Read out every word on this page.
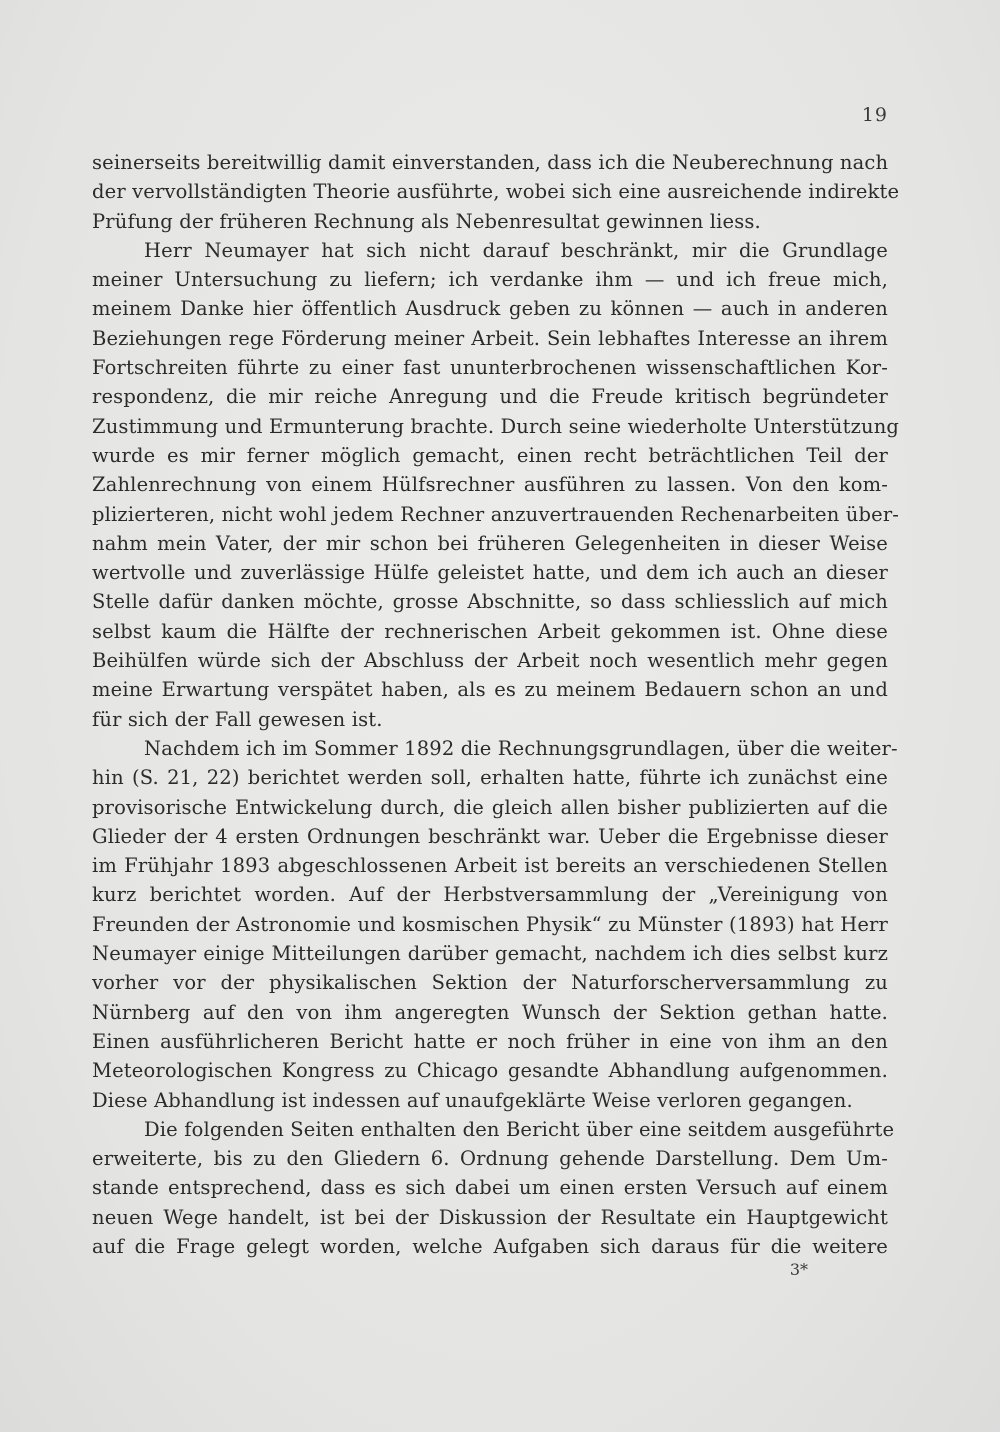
19
seinerseits bereitwillig damit einverstanden, dass ich die Neuberechnung nach
der vervollständigten Theorie ausführte, wobei sich eine ausreichende indirekte
Prüfung der früheren Rechnung als Nebenresultat gewinnen liess.
Herr Neumayer hat sich nicht darauf beschränkt, mir die Grundlage
meiner Untersuchung zu liefern; ich verdanke ihm — und ich freue mich,
meinem Danke hier öffentlich Ausdruck geben zu können — auch in anderen
Beziehungen rege Förderung meiner Arbeit. Sein lebhaftes Interesse an ihrem
Fortschreiten führte zu einer fast ununterbrochenen wissenschaftlichen Kor-
respondenz, die mir reiche Anregung und die Freude kritisch begründeter
Zustimmung und Ermunterung brachte. Durch seine wiederholte Unterstützung
wurde es mir ferner möglich gemacht, einen recht beträchtlichen Teil der
Zahlenrechnung von einem Hülfsrechner ausführen zu lassen. Von den kom-
plizierteren, nicht wohl jedem Rechner anzuvertrauenden Rechenarbeiten über-
nahm mein Vater, der mir schon bei früheren Gelegenheiten in dieser Weise
wertvolle und zuverlässige Hülfe geleistet hatte, und dem ich auch an dieser
Stelle dafür danken möchte, grosse Abschnitte, so dass schliesslich auf mich
selbst kaum die Hälfte der rechnerischen Arbeit gekommen ist. Ohne diese
Beihülfen würde sich der Abschluss der Arbeit noch wesentlich mehr gegen
meine Erwartung verspätet haben, als es zu meinem Bedauern schon an und
für sich der Fall gewesen ist.
Nachdem ich im Sommer 1892 die Rechnungsgrundlagen, über die weiter-
hin (S. 21, 22) berichtet werden soll, erhalten hatte, führte ich zunächst eine
provisorische Entwickelung durch, die gleich allen bisher publizierten auf die
Glieder der 4 ersten Ordnungen beschränkt war. Ueber die Ergebnisse dieser
im Frühjahr 1893 abgeschlossenen Arbeit ist bereits an verschiedenen Stellen
kurz berichtet worden. Auf der Herbstversammlung der „Vereinigung von
Freunden der Astronomie und kosmischen Physik“ zu Münster (1893) hat Herr
Neumayer einige Mitteilungen darüber gemacht, nachdem ich dies selbst kurz
vorher vor der physikalischen Sektion der Naturforscherversammlung zu
Nürnberg auf den von ihm angeregten Wunsch der Sektion gethan hatte.
Einen ausführlicheren Bericht hatte er noch früher in eine von ihm an den
Meteorologischen Kongress zu Chicago gesandte Abhandlung aufgenommen.
Diese Abhandlung ist indessen auf unaufgeklärte Weise verloren gegangen.
Die folgenden Seiten enthalten den Bericht über eine seitdem ausgeführte
erweiterte, bis zu den Gliedern 6. Ordnung gehende Darstellung. Dem Um-
stande entsprechend, dass es sich dabei um einen ersten Versuch auf einem
neuen Wege handelt, ist bei der Diskussion der Resultate ein Hauptgewicht
auf die Frage gelegt worden, welche Aufgaben sich daraus für die weitere
3*
